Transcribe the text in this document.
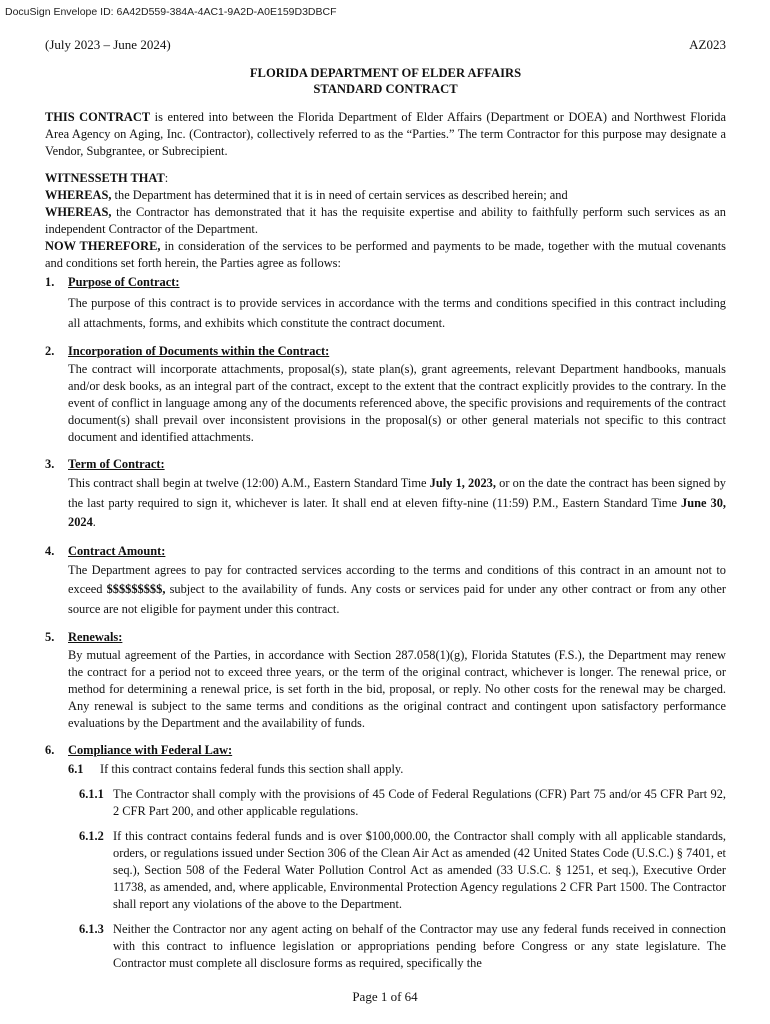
DocuSign Envelope ID: 6A42D559-384A-4AC1-9A2D-A0E159D3DBCF
(July 2023 – June 2024)	AZ023
FLORIDA DEPARTMENT OF ELDER AFFAIRS
STANDARD CONTRACT

THIS CONTRACT is entered into between the Florida Department of Elder Affairs (Department or DOEA) and Northwest Florida Area Agency on Aging, Inc. (Contractor), collectively referred to as the “Parties.” The term Contractor for this purpose may designate a Vendor, Subgrantee, or Subrecipient.

WITNESSETH THAT:

WHEREAS, the Department has determined that it is in need of certain services as described herein; and

WHEREAS, the Contractor has demonstrated that it has the requisite expertise and ability to faithfully perform such services as an independent Contractor of the Department.

NOW THEREFORE, in consideration of the services to be performed and payments to be made, together with the mutual covenants and conditions set forth herein, the Parties agree as follows:

1.	Purpose of Contract:

The purpose of this contract is to provide services in accordance with the terms and conditions specified in this contract including all attachments, forms, and exhibits which constitute the contract document.

2.	Incorporation of Documents within the Contract:

The contract will incorporate attachments, proposal(s), state plan(s), grant agreements, relevant Department handbooks, manuals and/or desk books, as an integral part of the contract, except to the extent that the contract explicitly provides to the contrary. In the event of conflict in language among any of the documents referenced above, the specific provisions and requirements of the contract document(s) shall prevail over inconsistent provisions in the proposal(s) or other general materials not specific to this contract document and identified attachments.

3.	Term of Contract:

This contract shall begin at twelve (12:00) A.M., Eastern Standard Time July 1, 2023, or on the date the contract has been signed by the last party required to sign it, whichever is later. It shall end at eleven fifty-nine (11:59) P.M., Eastern Standard Time June 30, 2024.

4.	Contract Amount:

The Department agrees to pay for contracted services according to the terms and conditions of this contract in an amount not to exceed $$$$$$$$$, subject to the availability of funds. Any costs or services paid for under any other contract or from any other source are not eligible for payment under this contract.

5.	Renewals:

By mutual agreement of the Parties, in accordance with Section 287.058(1)(g), Florida Statutes (F.S.), the Department may renew the contract for a period not to exceed three years, or the term of the original contract, whichever is longer. The renewal price, or method for determining a renewal price, is set forth in the bid, proposal, or reply. No other costs for the renewal may be charged. Any renewal is subject to the same terms and conditions as the original contract and contingent upon satisfactory performance evaluations by the Department and the availability of funds.

6.	Compliance with Federal Law:
6.1	If this contract contains federal funds this section shall apply.

6.1.1 The Contractor shall comply with the provisions of 45 Code of Federal Regulations (CFR) Part 75 and/or 45 CFR Part 92, 2 CFR Part 200, and other applicable regulations.

6.1.2 If this contract contains federal funds and is over $100,000.00, the Contractor shall comply with all applicable standards, orders, or regulations issued under Section 306 of the Clean Air Act as amended (42 United States Code (U.S.C.) § 7401, et seq.), Section 508 of the Federal Water Pollution Control Act as amended (33 U.S.C. § 1251, et seq.), Executive Order 11738, as amended, and, where applicable, Environmental Protection Agency regulations 2 CFR Part 1500. The Contractor shall report any violations of the above to the Department.

6.1.3 Neither the Contractor nor any agent acting on behalf of the Contractor may use any federal funds received in connection with this contract to influence legislation or appropriations pending before Congress or any state legislature. The Contractor must complete all disclosure forms as required, specifically the

Page 1 of 64
